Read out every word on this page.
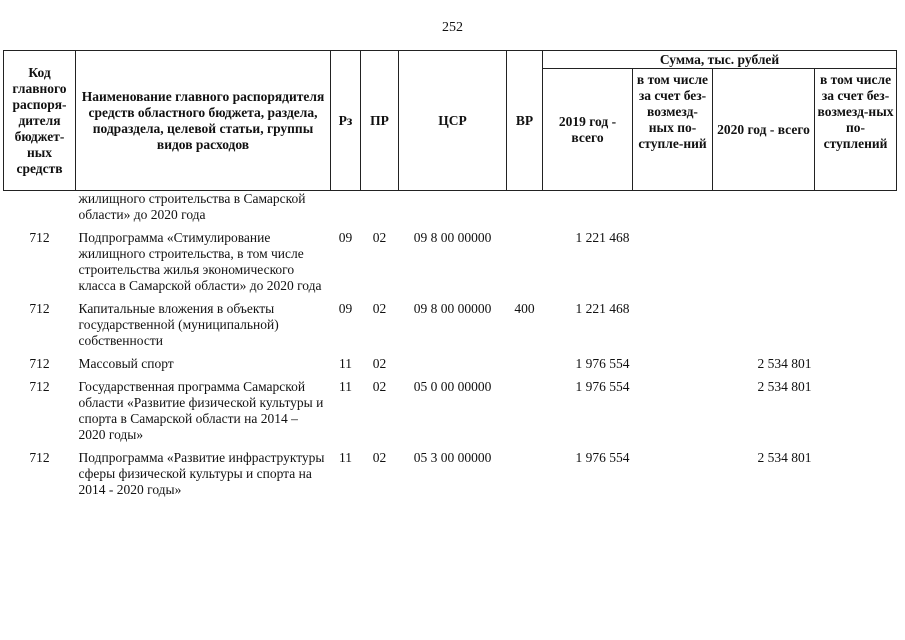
252
Код главного распоря-дителя бюджет-ных средств	Наименование главного распорядителя средств областного бюджета, раздела, подраздела, целевой статьи, группы видов расходов	Рз	ПР	ЦСР	ВР	Сумма, тыс. рублей			
						2019 год - всего	в том числе за счет без-возмезд-ных по-ступле-ний	2020 год - всего	в том числе за счет без-возмезд-ных по-ступлений
	жилищного строительства в Самарской области» до 2020 года								
712	Подпрограмма «Стимулирование жилищного строительства, в том числе строительства жилья экономического класса в Самарской области» до 2020 года	09	02	09 8 00 00000		1 221 468			
712	Капитальные вложения в объекты государственной (муниципальной) собственности	09	02	09 8 00 00000	400	1 221 468			
712	Массовый спорт	11	02			1 976 554		2 534 801	
712	Государственная программа Самарской области «Развитие физической культуры и спорта в Самарской области на 2014 – 2020 годы»	11	02	05 0 00 00000		1 976 554		2 534 801	
712	Подпрограмма «Развитие инфраструктуры сферы физической культуры и спорта на 2014 - 2020 годы»	11	02	05 3 00 00000		1 976 554		2 534 801	
